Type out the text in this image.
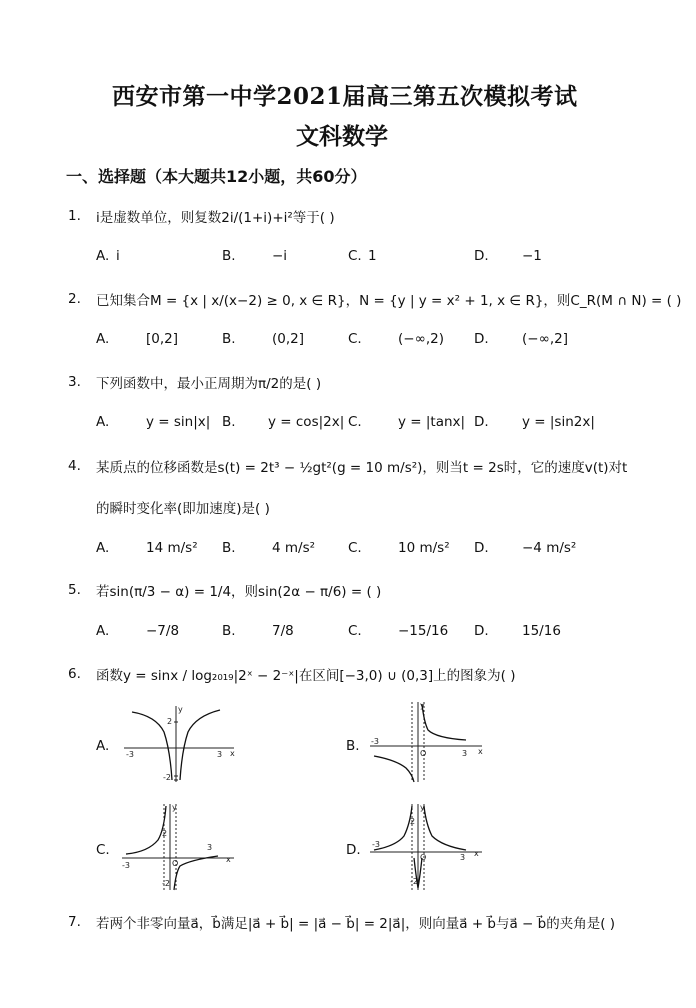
西安市第一中学2021届高三第五次模拟考试
文科数学
一、选择题（本大题共12小题，共60分）
1. i是虚数单位，则复数2i/(1+i)+i²等于( )
A. i	B.	−i	C. 1	D. −1
2. 已知集合M = {x | x/(x−2) ≥ 0, x ∈ R}，N = {y | y = x² + 1, x ∈ R}，则C_R(M ∩ N) = ( )
A.	[0,2]	B.	(0,2]	C.	(−∞,2) D. (−∞,2]
3. 下列函数中，最小正周期为π/2的是( )
A.	y = sin|x| B. y = cos|2x| C.	y = |tanx| D. y = |sin2x|
4. 某质点的位移函数是s(t) = 2t³ − ½gt²(g = 10 m/s²)，则当t = 2s时，它的速度v(t)对t
的瞬时变化率(即加速度)是( )
A.	14 m/s² B.	4 m/s² C.	10 m/s² D. −4 m/s²
5. 若sin(π/3 − α) = 1/4，则sin(2α − π/6) = ( )
A.	−7/8	B.	7/8	C.	−15/16 D. 15/16
6. 函数y = sinx / log₂₀₁₉|2ˣ − 2⁻ˣ|在区间[−3,0) ∪ (0,3]上的图象为( )
A.	B.
C.	D.
x
y
-3	3
2
-2
x
y
-3
3
O
x
y
-3
3
2
-2
O
x
y
-3
3
2
-2
O
7. 若两个非零向量a⃗，b⃗满足|a⃗ + b⃗| = |a⃗ − b⃗| = 2|a⃗|，则向量a⃗ + b⃗与a⃗ − b⃗的夹角是( )
